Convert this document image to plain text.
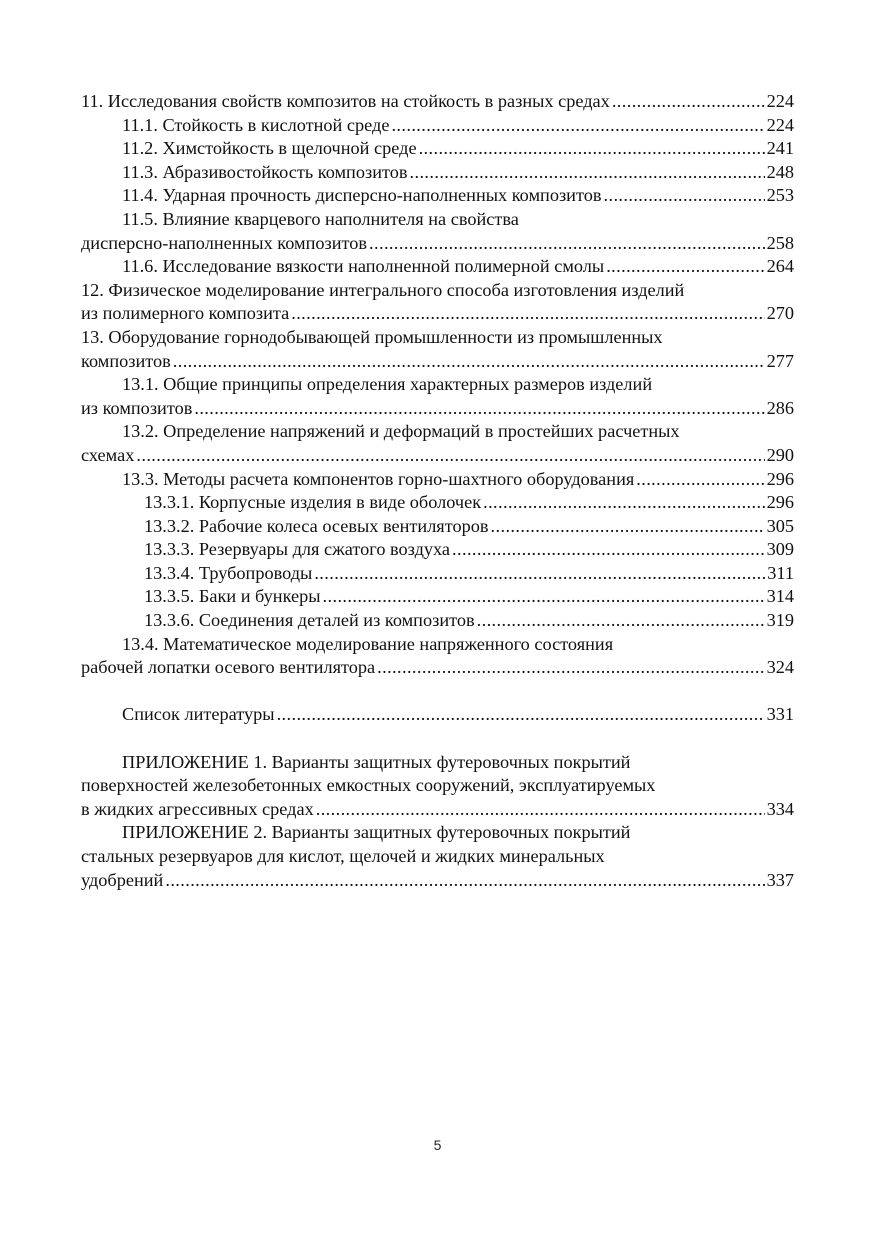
11. Исследования свойств композитов на стойкость в разных средах .....	224
11.1. Стойкость в кислотной среде .....	224
11.2. Химстойкость в щелочной среде .....	241
11.3. Абразивостойкость композитов .....	248
11.4. Ударная прочность дисперсно-наполненных композитов .....	253
11.5. Влияние кварцевого наполнителя на свойства
дисперсно-наполненных композитов .....	258
11.6. Исследование вязкости наполненной полимерной смолы .....	264
12. Физическое моделирование интегрального способа изготовления изделий
из полимерного композита .....	270
13. Оборудование горнодобывающей промышленности из промышленных
композитов .....	277
13.1. Общие принципы определения характерных размеров изделий
из композитов .....	286
13.2. Определение напряжений и деформаций в простейших расчетных
схемах .....	290
13.3. Методы расчета компонентов горно-шахтного оборудования .....	296
13.3.1. Корпусные изделия в виде оболочек .....	296
13.3.2. Рабочие колеса осевых вентиляторов .....	305
13.3.3. Резервуары для сжатого воздуха .....	309
13.3.4. Трубопроводы .....	311
13.3.5. Баки и бункеры .....	314
13.3.6. Соединения деталей из композитов .....	319
13.4. Математическое моделирование напряженного состояния
рабочей лопатки осевого вентилятора .....	324
Список литературы .....	331
ПРИЛОЖЕНИЕ 1. Варианты защитных футеровочных покрытий
поверхностей железобетонных емкостных сооружений, эксплуатируемых
в жидких агрессивных средах .....	334
ПРИЛОЖЕНИЕ 2. Варианты защитных футеровочных покрытий
стальных резервуаров для кислот, щелочей и жидких минеральных
удобрений .....	337
5
